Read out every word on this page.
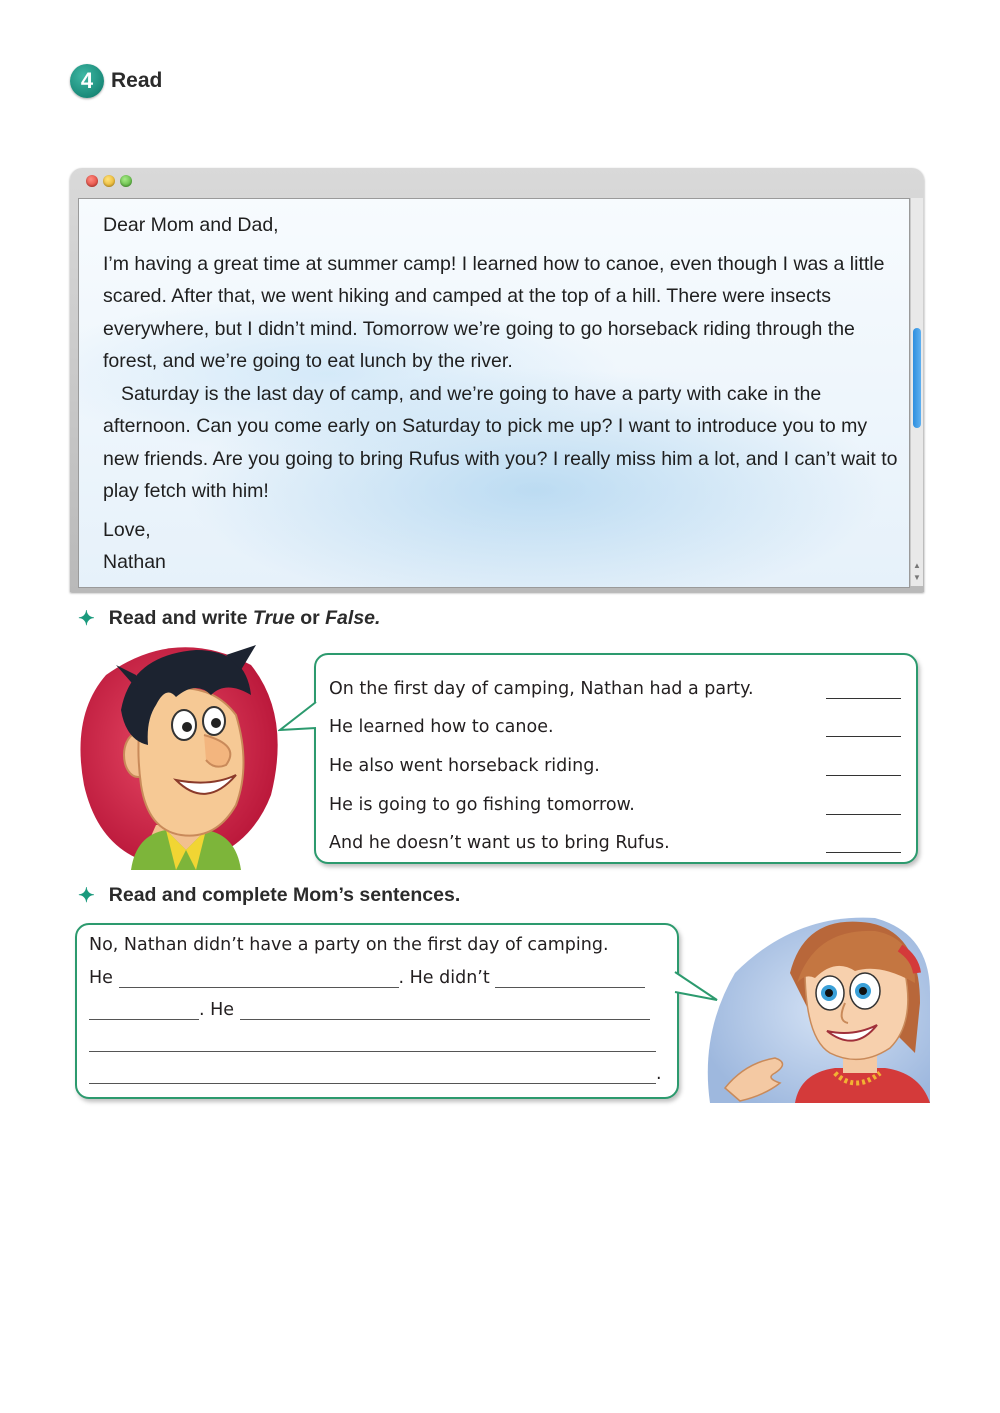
4 Read

Dear Mom and Dad,

I’m having a great time at summer camp! I learned how to canoe, even though I was a little scared. After that, we went hiking and camped at the top of a hill. There were insects everywhere, but I didn’t mind. Tomorrow we’re going to go horseback riding through the forest, and we’re going to eat lunch by the river.

Saturday is the last day of camp, and we’re going to have a party with cake in the afternoon. Can you come early on Saturday to pick me up? I want to introduce you to my new friends. Are you going to bring Rufus with you? I really miss him a lot, and I can’t wait to play fetch with him!

Love,

Nathan	▲
▼
✦ Read and write
True
or
False.
On the first day of camping, Nathan had a party.
He learned how to canoe.
He also went horseback riding.
He is going to go fishing tomorrow.
And he doesn’t want us to bring Rufus.
✦ Read and complete Mom’s sentences.
No, Nathan didn’t have a party on the first day of camping.
He	. He didn’t
. He
.
